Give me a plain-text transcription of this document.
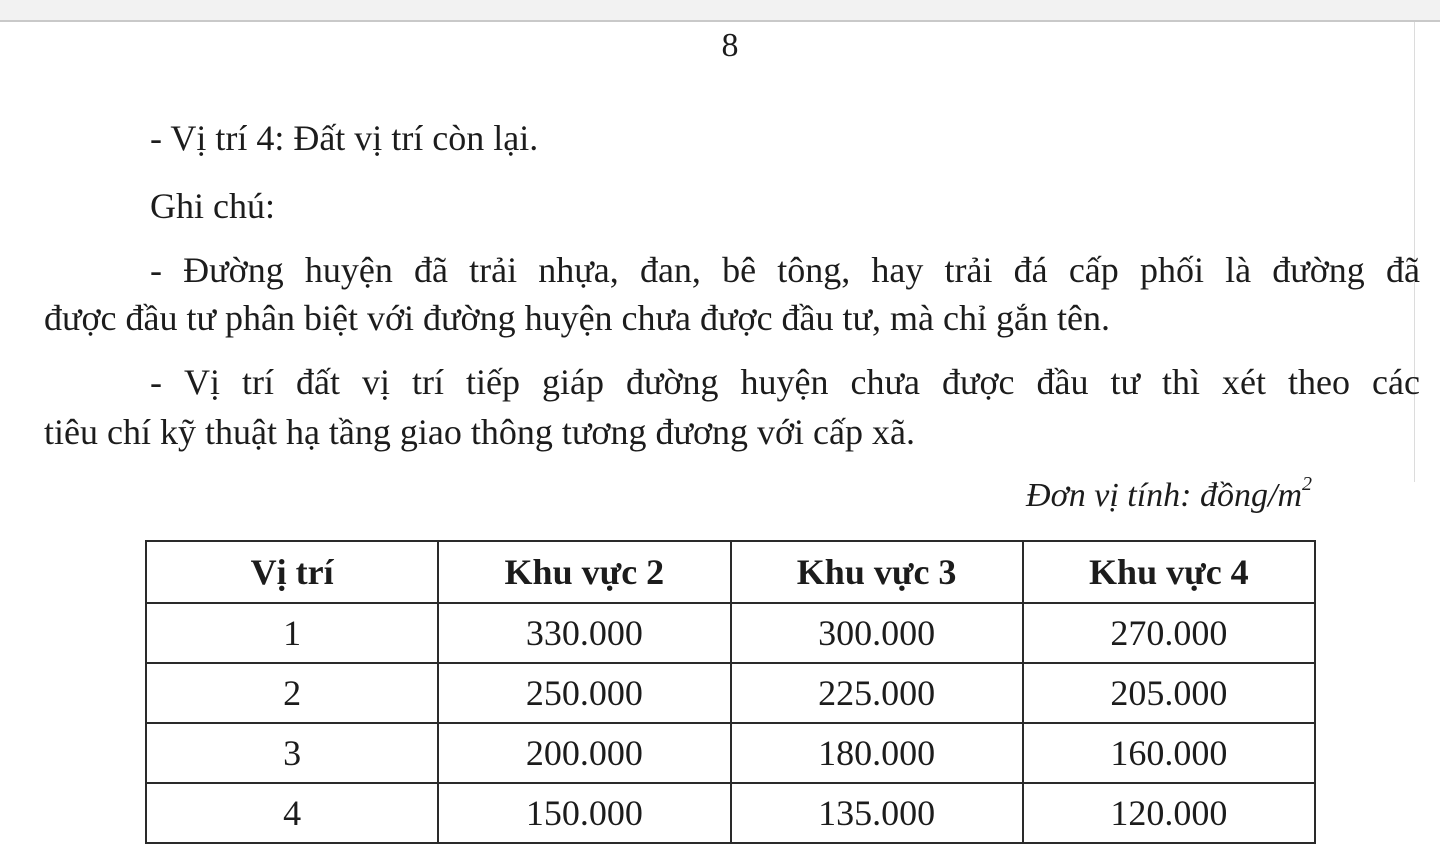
8

- Vị trí 4: Đất vị trí còn lại.

Ghi chú:

- Đường huyện đã trải nhựa, đan, bê tông, hay trải đá cấp phối là đường đã

được đầu tư phân biệt với đường huyện chưa được đầu tư, mà chỉ gắn tên.

- Vị trí đất vị trí tiếp giáp đường huyện chưa được đầu tư thì xét theo các

tiêu chí kỹ thuật hạ tầng giao thông tương đương với cấp xã.

Đơn vị tính: đồng/$m^2$
Vị trí	Khu vực 2	Khu vực 3	Khu vực 4
1	330.000	300.000	270.000
2	250.000	225.000	205.000
3	200.000	180.000	160.000
4	150.000	135.000	120.000
